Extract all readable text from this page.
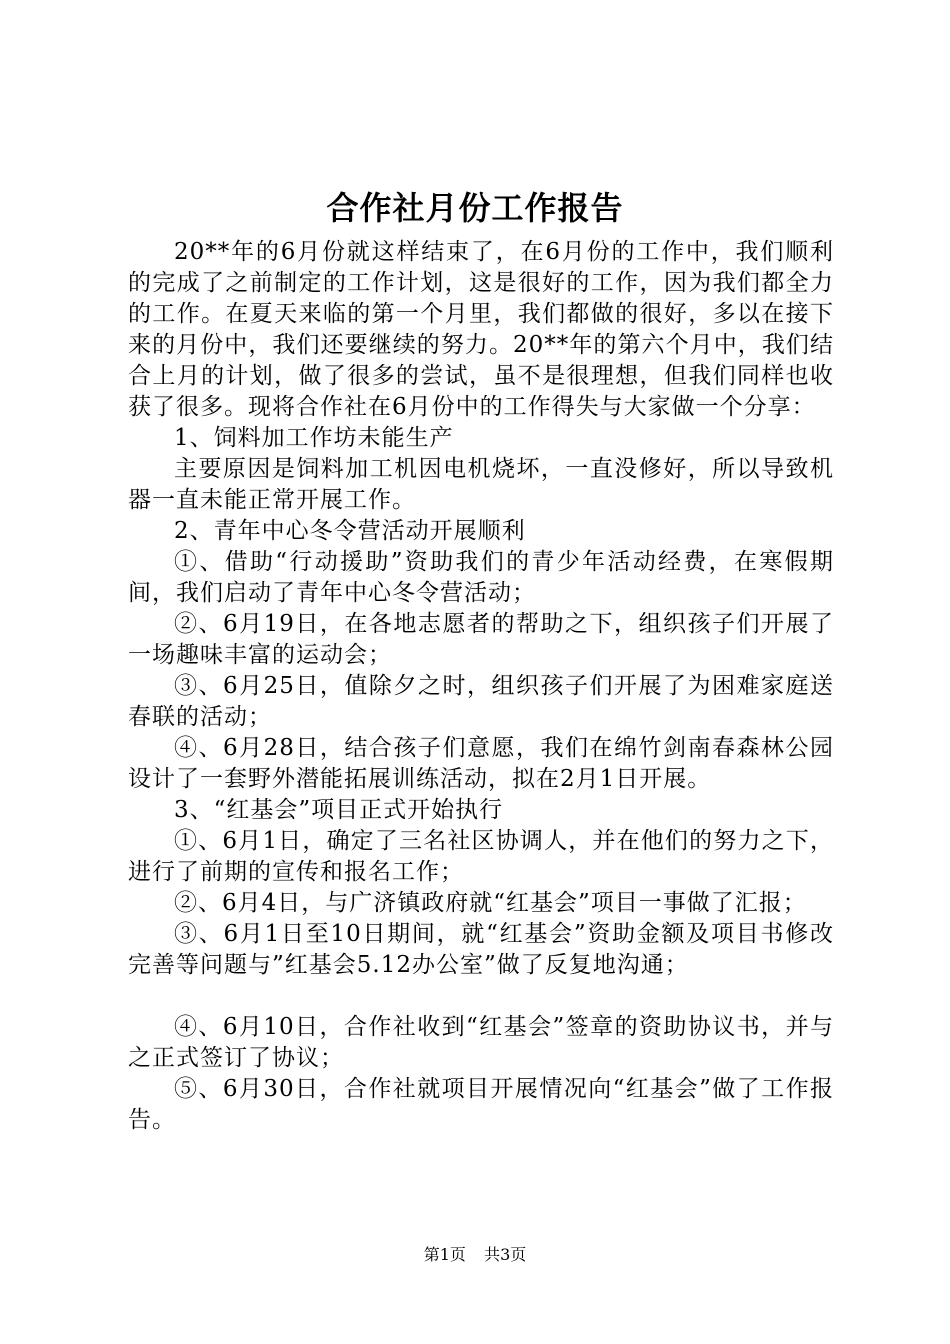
合作社月份工作报告

20**年的6月份就这样结束了，在6月份的工作中，我们顺利的完成了之前制定的工作计划，这是很好的工作，因为我们都全力的工作。在夏天来临的第一个月里，我们都做的很好，多以在接下来的月份中，我们还要继续的努力。20**年的第六个月中，我们结合上月的计划，做了很多的尝试，虽不是很理想，但我们同样也收获了很多。现将合作社在6月份中的工作得失与大家做一个分享：

1、饲料加工作坊未能生产

主要原因是饲料加工机因电机烧坏，一直没修好，所以导致机器一直未能正常开展工作。

2、青年中心冬令营活动开展顺利

①、借助“行动援助”资助我们的青少年活动经费，在寒假期间，我们启动了青年中心冬令营活动；

②、6月19日，在各地志愿者的帮助之下，组织孩子们开展了一场趣味丰富的运动会；

③、6月25日，值除夕之时，组织孩子们开展了为困难家庭送春联的活动；

④、6月28日，结合孩子们意愿，我们在绵竹剑南春森林公园设计了一套野外潜能拓展训练活动，拟在2月1日开展。

3、“红基会”项目正式开始执行

①、6月1日，确定了三名社区协调人，并在他们的努力之下，进行了前期的宣传和报名工作；

②、6月4日，与广济镇政府就“红基会”项目一事做了汇报；

③、6月1日至10日期间，就“红基会”资助金额及项目书修改完善等问题与”红基会5.12办公室”做了反复地沟通；

④、6月10日，合作社收到“红基会”签章的资助协议书，并与之正式签订了协议；

⑤、6月30日，合作社就项目开展情况向“红基会”做了工作报告。

第1页 共3页
